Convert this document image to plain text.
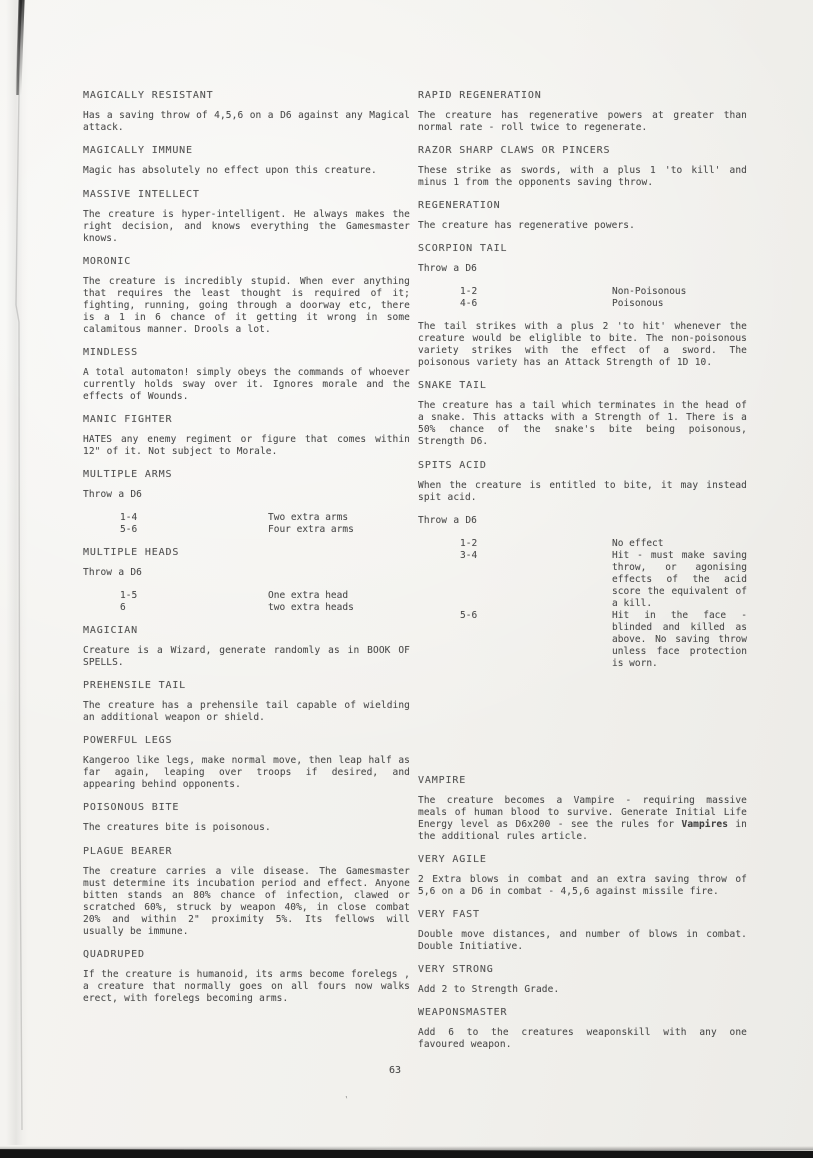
MAGICALLY RESISTANT

Has a saving throw of 4,5,6 on a D6 against any Magical attack.

MAGICALLY IMMUNE

Magic has absolutely no effect upon this creature.

MASSIVE INTELLECT

The creature is hyper-intelligent. He always makes the right decision, and knows everything the Gamesmaster knows.

MORONIC

The creature is incredibly stupid. When ever anything that requires the least thought is required of it; fighting, running, going through a doorway etc, there is a 1 in 6 chance of it getting it wrong in some calamitous manner. Drools a lot.

MINDLESS

A total automaton! simply obeys the commands of whoever currently holds sway over it. Ignores morale and the effects of Wounds.

MANIC FIGHTER

HATES any enemy regiment or figure that comes within 12" of it. Not subject to Morale.

MULTIPLE ARMS

Throw a D6

1-4	Two extra arms
5-6	Four extra arms
MULTIPLE HEADS

Throw a D6

1-5	One extra head
6	two extra heads
MAGICIAN

Creature is a Wizard, generate randomly as in BOOK OF SPELLS.

PREHENSILE TAIL

The creature has a prehensile tail capable of wielding an additional weapon or shield.

POWERFUL LEGS

Kangeroo like legs, make normal move, then leap half as far again, leaping over troops if desired, and appearing behind opponents.

POISONOUS BITE

The creatures bite is poisonous.

PLAGUE BEARER

The creature carries a vile disease. The Gamesmaster must determine its incubation period and effect. Anyone bitten stands an 80% chance of infection, clawed or scratched 60%, struck by weapon 40%, in close combat 20% and within 2" proximity 5%. Its fellows will usually be immune.

QUADRUPED

If the creature is humanoid, its arms become forelegs , a creature that normally goes on all fours now walks erect, with forelegs becoming arms.

RAPID REGENERATION

The creature has regenerative powers at greater than normal rate - roll twice to regenerate.

RAZOR SHARP CLAWS OR PINCERS

These strike as swords, with a plus 1 'to kill' and minus 1 from the opponents saving throw.

REGENERATION

The creature has regenerative powers.

SCORPION TAIL

Throw a D6

1-2	Non-Poisonous
4-6	Poisonous

The tail strikes with a plus 2 'to hit' whenever the creature would be eliglible to bite. The non-poisonous variety strikes with the effect of a sword. The poisonous variety has an Attack Strength of 1D 10.

SNAKE TAIL

The creature has a tail which terminates in the head of a snake. This attacks with a Strength of 1. There is a 50% chance of the snake's bite being poisonous, Strength D6.

SPITS ACID

When the creature is entitled to bite, it may instead spit acid.

Throw a D6

1-2	No effect
3-4	Hit - must make saving throw, or agonising effects of the acid score the equivalent of a kill.
5-6	Hit in the face -blinded and killed as above. No saving throw unless face protection is worn.
VAMPIRE

The creature becomes a Vampire - requiring massive meals of human blood to survive. Generate Initial Life Energy level as D6x200 - see the rules for Vampires in the additional rules article.

VERY AGILE

2 Extra blows in combat and an extra saving throw of 5,6 on a D6 in combat - 4,5,6 against missile fire.

VERY FAST

Double move distances, and number of blows in combat. Double Initiative.

VERY STRONG

Add 2 to Strength Grade.

WEAPONSMASTER

Add 6 to the creatures weaponskill with any one favoured weapon.

63
‛
